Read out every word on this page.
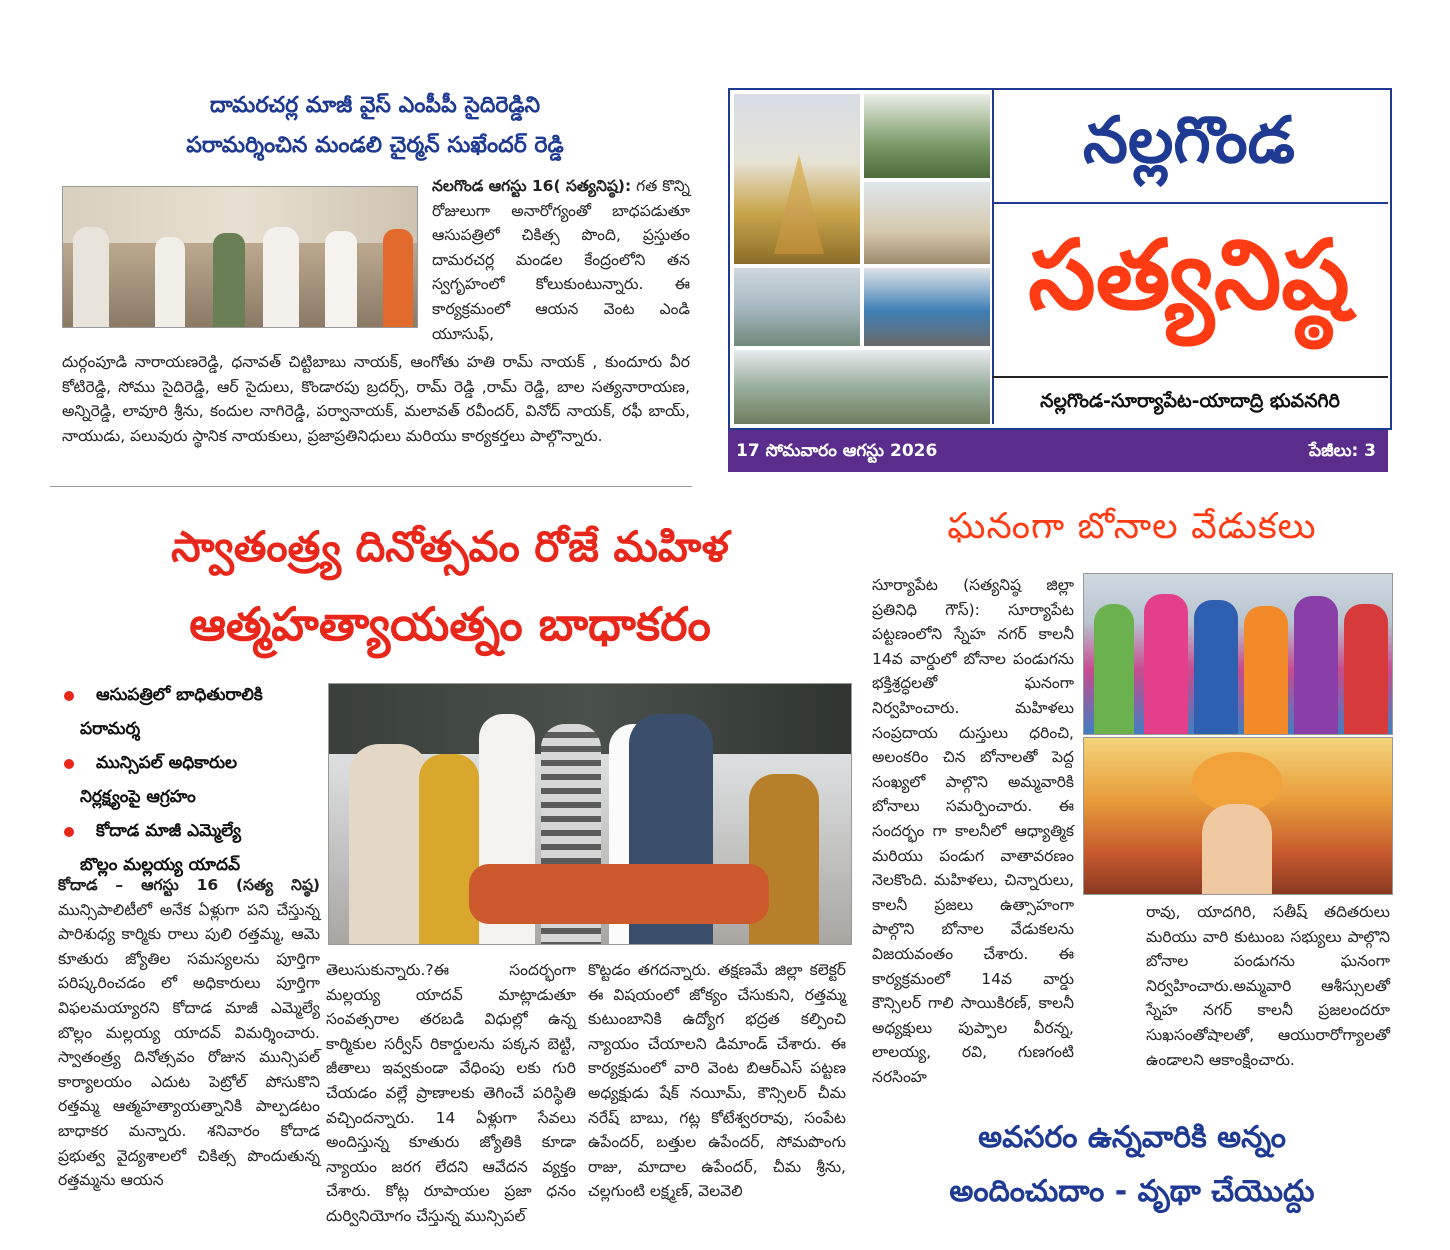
దామరచర్ల మాజీ వైస్ ఎంపీపీ సైదిరెడ్డిని
పరామర్శించిన మండలి చైర్మన్ సుఖేందర్ రెడ్డి
నలగొండ ఆగస్టు 16( సత్యనిష్ఠ): గత కొన్ని రోజులుగా అనారోగ్యంతో బాధపడుతూ ఆసుపత్రిలో చికిత్స పొంది, ప్రస్తుతం దామరచర్ల మండల కేంద్రంలోని తన స్వగృహంలో కోలుకుంటున్నారు. ఈ కార్యక్రమంలో ఆయన వెంట ఎండి యూసుఫ్,
దుర్గంపూడి నారాయణరెడ్డి, ధనావత్ చిట్టిబాబు నాయక్, ఆంగోతు హతి రామ్ నాయక్ , కుందూరు వీర కోటిరెడ్డి, సోము సైదిరెడ్డి, ఆర్ సైదులు, కొండారపు బ్రదర్స్, రామ్ రెడ్డి ,రామ్ రెడ్డి, బాల సత్యనారాయణ, అన్నిరెడ్డి, లావూరి శ్రీను, కందుల నాగిరెడ్డి, పర్వానాయక్, మలావత్ రవీందర్, వినోద్ నాయక్, రఫీ బాయ్, నాయుడు, పలువురు స్థానిక నాయకులు, ప్రజాప్రతినిధులు మరియు కార్యకర్తలు పాల్గొన్నారు.
నల్లగొండ
సత్యనిష్ఠ
నల్లగొండ-సూర్యాపేట-యాదాద్రి భువనగిరి
17 సోమవారం ఆగస్టు 2026	పేజీలు: 3
స్వాతంత్ర్య దినోత్సవం రోజే మహిళ
ఆత్మహత్యాయత్నం బాధాకరం
ఆసుపత్రిలో బాధితురాలికి
పరామర్శ
మున్సిపల్ అధికారుల
నిర్లక్ష్యంపై ఆగ్రహం
కోదాడ మాజీ ఎమ్మెల్యే
బొల్లం మల్లయ్య యాదవ్
కోదాడ – ఆగస్టు 16 (సత్య నిష్ఠ) మున్సిపాలిటీలో అనేక ఏళ్లుగా పని చేస్తున్న పారిశుధ్య కార్మికు రాలు పులి రత్తమ్మ, ఆమె కూతురు జ్యోతిల సమస్యలను పూర్తిగా పరిష్కరించడం లో అధికారులు పూర్తిగా విఫలమయ్యారని కోదాడ మాజీ ఎమ్మెల్యే బొల్లం మల్లయ్య యాదవ్ విమర్శించారు. స్వాతంత్ర్య దినోత్సవం రోజున మున్సిపల్ కార్యాలయం ఎదుట పెట్రోల్ పోసుకొని రత్తమ్మ ఆత్మహత్యాయత్నానికి పాల్పడటం బాధాకర మన్నారు. శనివారం కోదాడ ప్రభుత్వ వైద్యశాలలో చికిత్స పొందుతున్న రత్తమ్మను ఆయన
తెలుసుకున్నారు.?ఈ సందర్భంగా మల్లయ్య యాదవ్ మాట్లాడుతూ సంవత్సరాల తరబడి విధుల్లో ఉన్న కార్మికుల సర్వీస్ రికార్డులను పక్కన బెట్టి, జీతాలు ఇవ్వకుండా వేధింపు లకు గురి చేయడం వల్లే ప్రాణాలకు తెగించే పరిస్థితి వచ్చిందన్నారు. 14 ఏళ్లుగా సేవలు అందిస్తున్న కూతురు జ్యోతికి కూడా న్యాయం జరగ లేదని ఆవేదన వ్యక్తం చేశారు. కోట్ల రూపాయల ప్రజా ధనం దుర్వినియోగం చేస్తున్న మున్సిపల్
కొట్టడం తగదన్నారు. తక్షణమే జిల్లా కలెక్టర్ ఈ విషయంలో జోక్యం చేసుకుని, రత్తమ్మ కుటుంబానికి ఉద్యోగ భద్రత కల్పించి న్యాయం చేయాలని డిమాండ్ చేశారు. ఈ కార్యక్రమంలో వారి వెంట బిఆర్ఎస్ పట్టణ అధ్యక్షుడు షేక్ నయీమ్, కౌన్సిలర్ చీమ నరేష్ బాబు, గట్ల కోటేశ్వరరావు, సంపేట ఉపేందర్, బత్తుల ఉపేందర్, సోమపొంగు రాజు, మాదాల ఉపేందర్, చీమ శ్రీను, చల్లగుంటి లక్ష్మణ్, వెలవెలి
ఘనంగా బోనాల వేడుకలు
సూర్యాపేట (సత్యనిష్ఠ జిల్లా ప్రతినిధి గౌస్): సూర్యాపేట పట్టణంలోని స్నేహ నగర్ కాలనీ 14వ వార్డులో బోనాల పండుగను భక్తిశ్రద్ధలతో ఘనంగా నిర్వహించారు. మహిళలు సంప్రదాయ దుస్తులు ధరించి, అలంకరిం చిన బోనాలతో పెద్ద సంఖ్యలో పాల్గొని అమ్మవారికి బోనాలు సమర్పించారు. ఈ సందర్భం గా కాలనీలో ఆధ్యాత్మిక మరియు పండుగ వాతావరణం నెలకొంది. మహిళలు, చిన్నారులు, కాలనీ ప్రజలు ఉత్సాహంగా పాల్గొని బోనాల వేడుకలను విజయవంతం చేశారు. ఈ కార్యక్రమంలో 14వ వార్డు కౌన్సిలర్ గాలి సాయికిరణ్, కాలనీ అధ్యక్షులు పుప్పాల వీరన్న, లాలయ్య, రవి, గుణగంటి నరసింహ
రావు, యాదగిరి, సతీష్ తదితరులు మరియు వారి కుటుంబ సభ్యులు పాల్గొని బోనాల పండుగను ఘనంగా నిర్వహించారు.అమ్మవారి ఆశీస్సులతో స్నేహ నగర్ కాలనీ ప్రజలందరూ సుఖసంతోషాలతో, ఆయురారోగ్యాలతో ఉండాలని ఆకాంక్షించారు.
అవసరం ఉన్నవారికి అన్నం
అందించుదాం - వృథా చేయొద్దు
